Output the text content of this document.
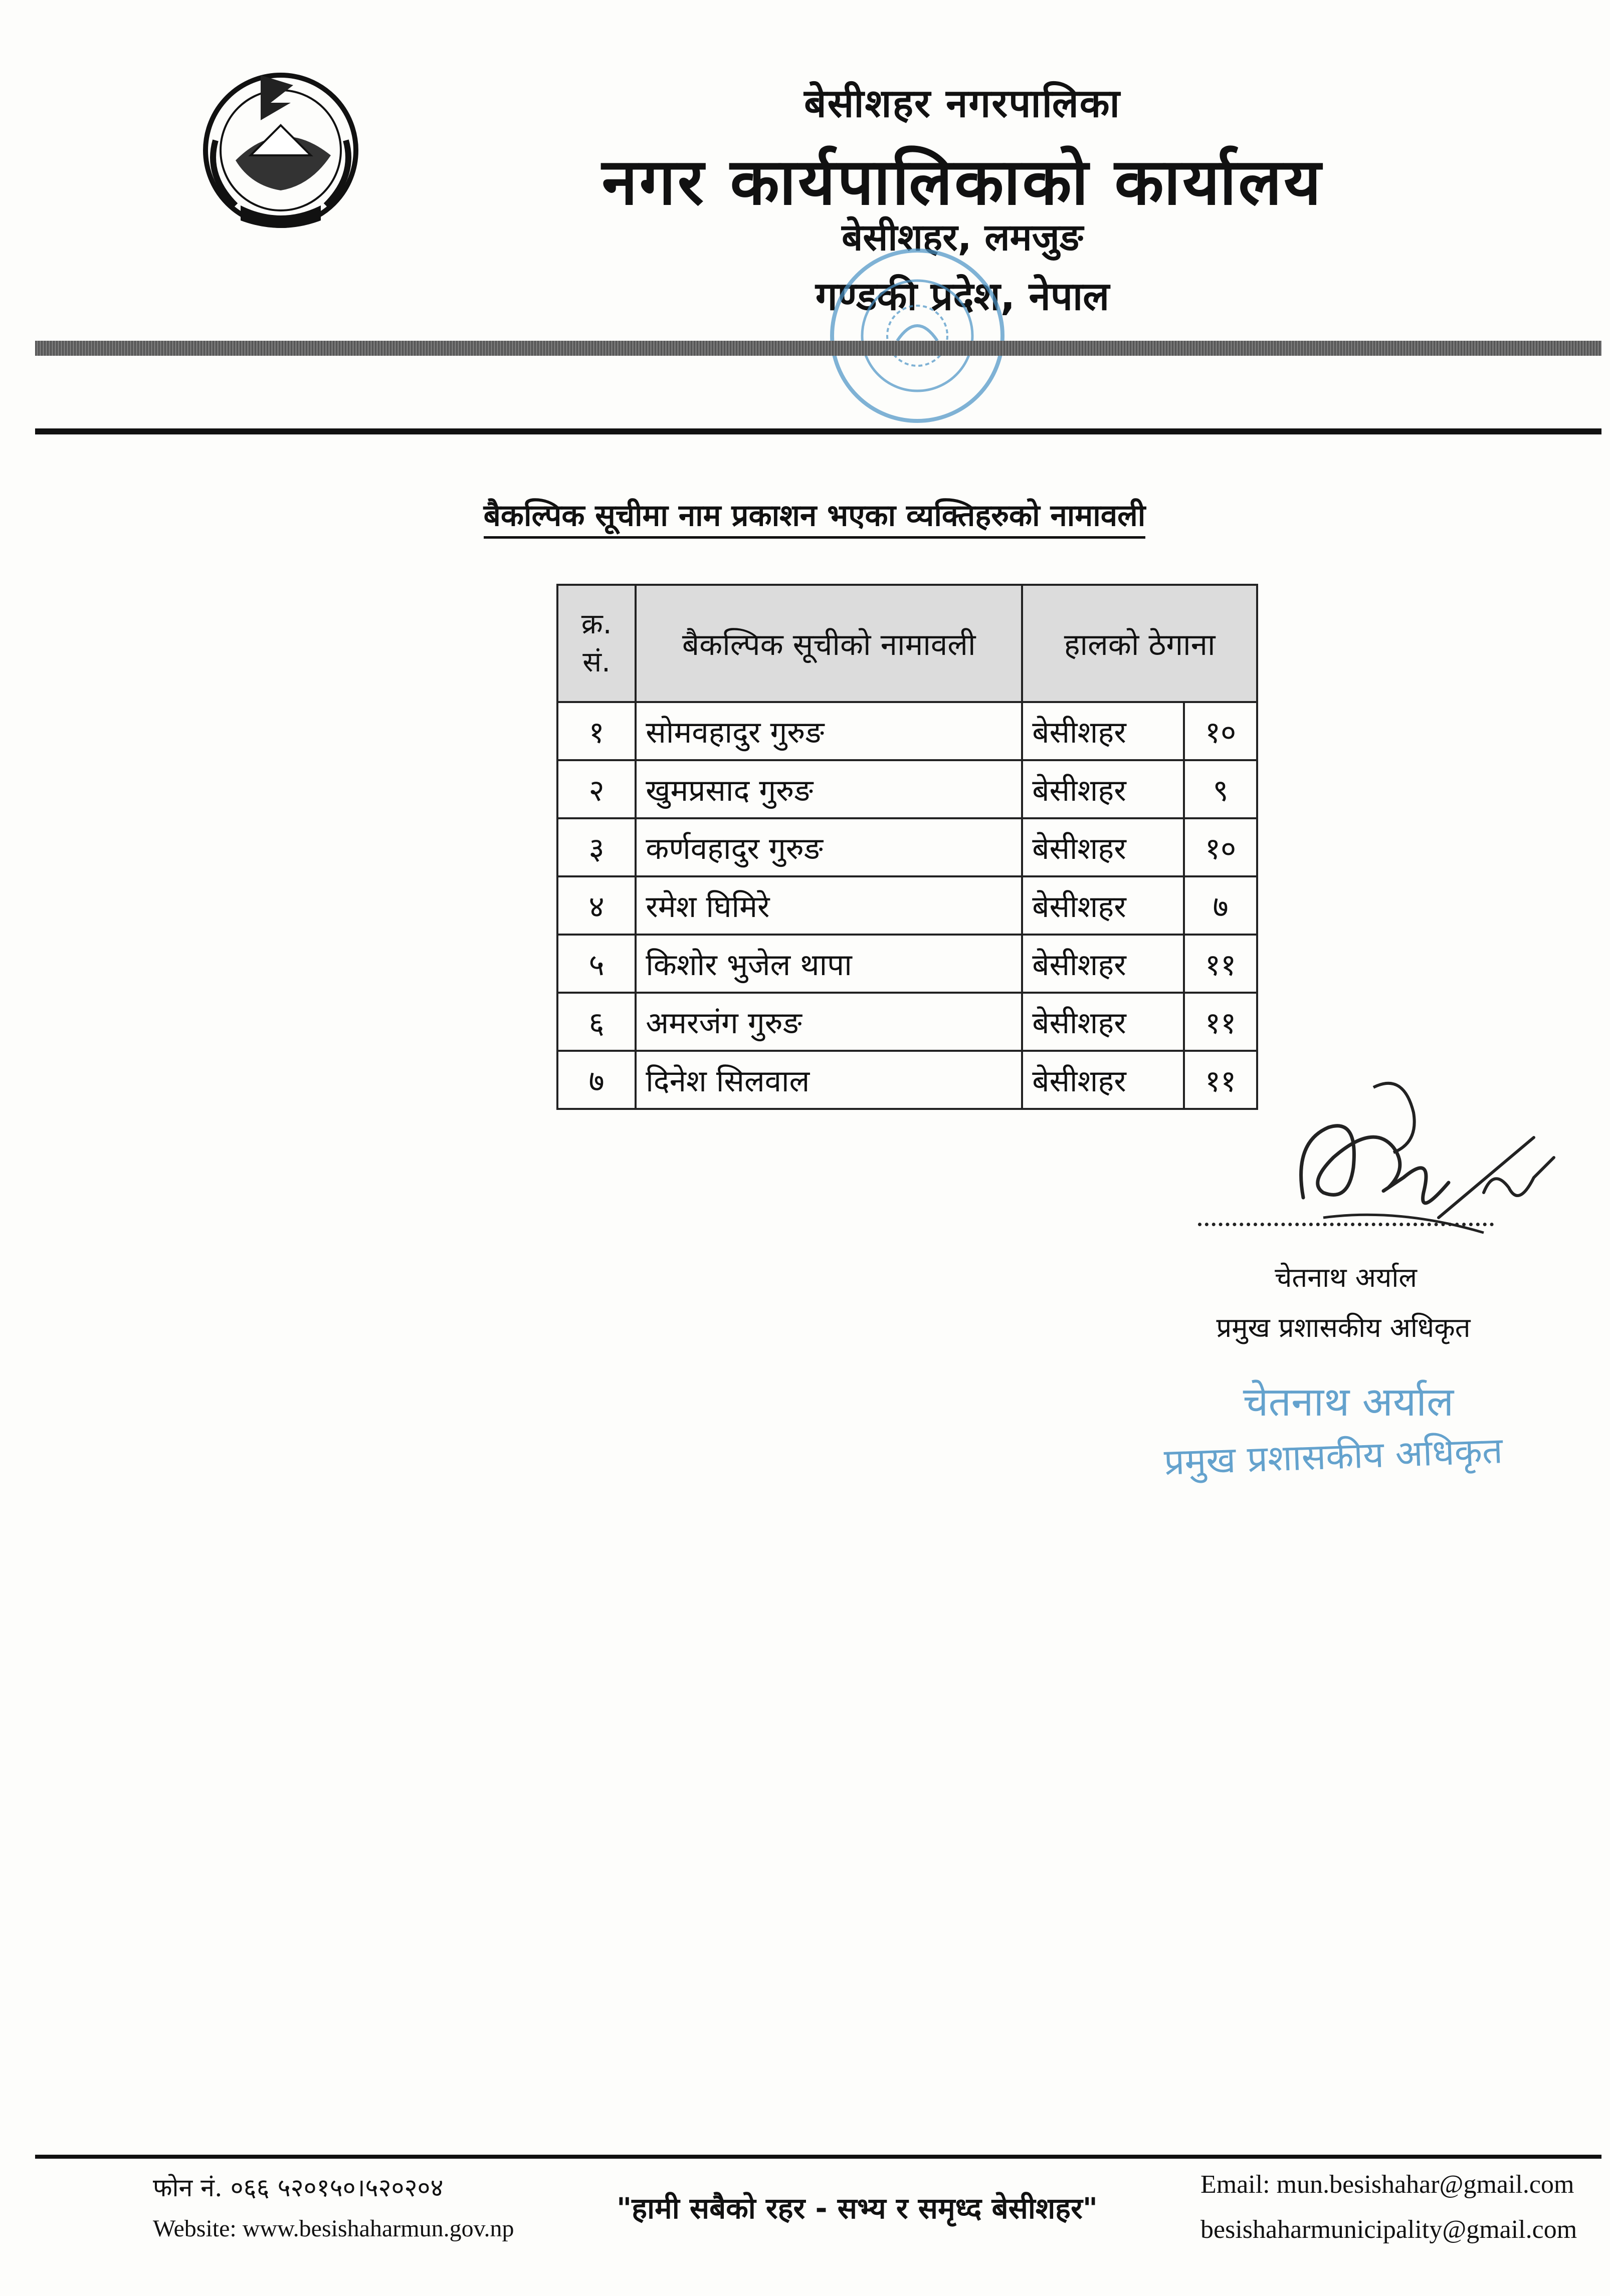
बेसीशहर नगरपालिका
नगर कार्यपालिकाको कार्यालय
बेसीशहर, लमजुङ
गण्डकी प्रदेश, नेपाल
बैकल्पिक सूचीमा नाम प्रकाशन भएका व्यक्तिहरुको नामावली
क्र.
सं.	बैकल्पिक सूचीको नामावली	हालको ठेगाना	
१	सोमवहादुर गुरुङ	बेसीशहर	१०
२	खुमप्रसाद गुरुङ	बेसीशहर	९
३	कर्णवहादुर गुरुङ	बेसीशहर	१०
४	रमेश घिमिरे	बेसीशहर	७
५	किशोर भुजेल थापा	बेसीशहर	११
६	अमरजंग गुरुङ	बेसीशहर	११
७	दिनेश सिलवाल	बेसीशहर	११
चेतनाथ अर्याल
प्रमुख प्रशासकीय अधिकृत
चेतनाथ अर्याल
प्रमुख प्रशासकीय अधिकृत
फोन नं. ०६६ ५२०१५०।५२०२०४
Website: www.besishaharmun.gov.np
"हामी सबैको रहर - सभ्य र समृध्द बेसीशहर"
Email: mun.besishahar@gmail.com
besishaharmunicipality@gmail.com
